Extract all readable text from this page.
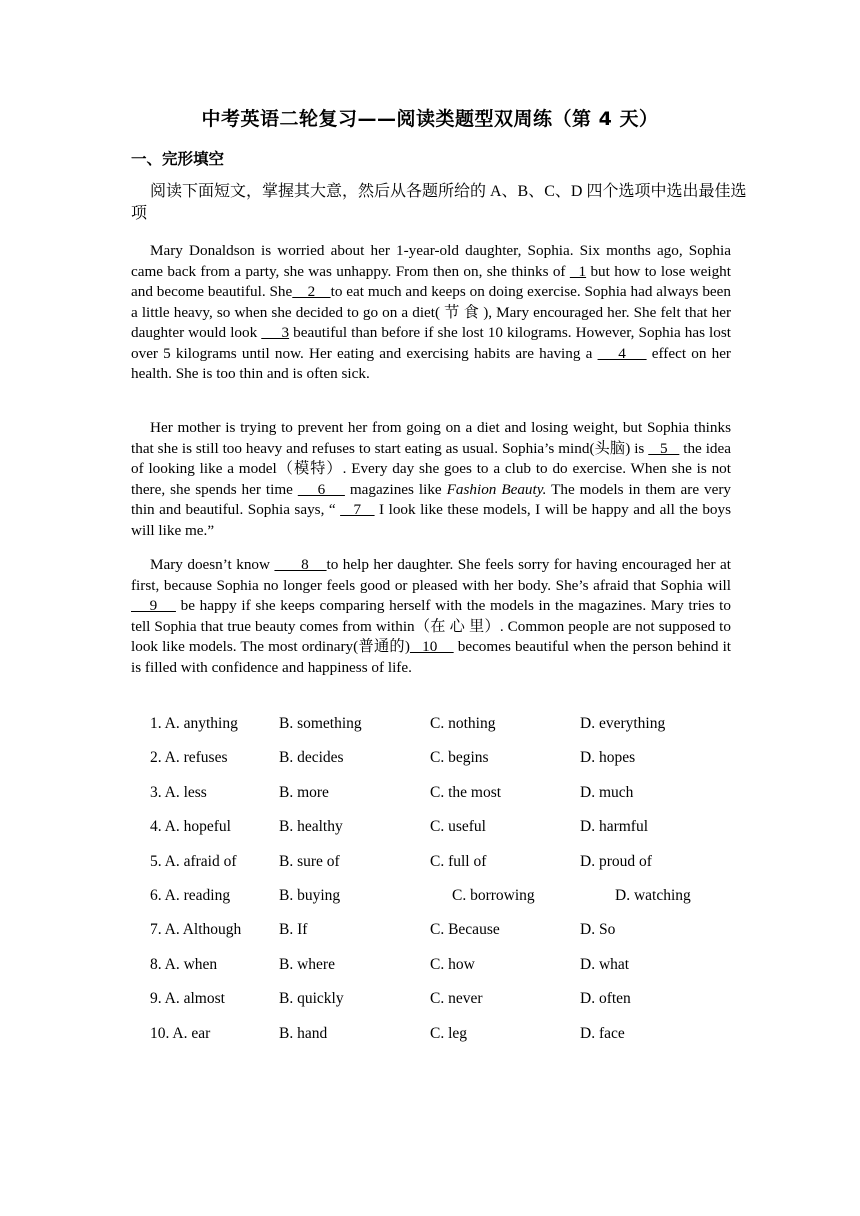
中考英语二轮复习——阅读类题型双周练（第 4 天）
一、完形填空
阅读下面短文，掌握其大意，然后从各题所给的 A、B、C、D 四个选项中选出最佳选项

Mary Donaldson is worried about her 1-year-old daughter, Sophia. Six months ago, Sophia came back from a party, she was unhappy. From then on, she thinks of   1 but how to lose weight and become beautiful. She    2    to eat much and keeps on doing exercise. Sophia had always been a little heavy, so when she decided to go on a diet( 节 食 ), Mary encouraged her. She felt that her daughter would look      3 beautiful than before if she lost 10 kilograms. However, Sophia has lost over 5 kilograms until now. Her eating and exercising habits are having a     4     effect on her health. She is too thin and is often sick.

Her mother is trying to prevent her from going on a diet and losing weight, but Sophia thinks that she is still too heavy and refuses to start eating as usual. Sophia’s mind(头脑) is    5    the idea of looking like a model（模特）. Every day she goes to a club to do exercise. When she is not there, she spends her time     6     magazines like Fashion Beauty. The models in them are very thin and beautiful. Sophia says, “    7    I look like these models, I will be happy and all the boys will like me.”

Mary doesn’t know       8    to help her daughter. She feels sorry for having encouraged her at first, because Sophia no longer feels good or pleased with her body. She’s afraid that Sophia will    9     be happy if she keeps comparing herself with the models in the magazines. Mary tries to tell Sophia that true beauty comes from within（在 心 里）. Common people are not supposed to look like models. The most ordinary(普通的)   10     becomes beautiful when the person behind it is filled with confidence and happiness of life.

1. A. anything	B. something	C. nothing	D. everything
2. A. refuses	B. decides	C. begins	D. hopes
3. A. less	B. more	C. the most	D. much
4. A. hopeful	B. healthy	C. useful	D. harmful
5. A. afraid of	B. sure of	C. full of	D. proud of
6. A. reading	B. buying	C. borrowing	D. watching
7. A. Although B. If	C. Because	D. So
8. A. when	B. where	C. how	D. what
9. A. almost	B. quickly	C. never	D. often
10. A. ear	B. hand	C. leg	D. face
